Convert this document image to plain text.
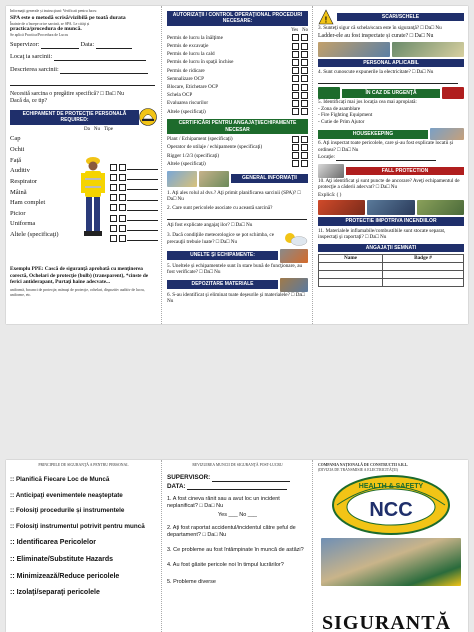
Informaţii generale și instrucţiuni: Verificati pentru lucru
SPA este o metodă scrisă/vizibilă pe toată durata
Înainte de a începe orice sarcină, se SPA. Le cităţi și
practica/procedura de muncă.
Se aplică Practica/Procedura de Lucru
Supervizor:	Data:
Locaţ ia sarcinii:
Descrierea sarcinii:
Necesită sarcina o pregătire specifică? □ Da□ Nu
Dacă da, ce tip?
ECHIPAMENT DE PROTECŢIE PERSONALĂ REQUIRED:
Da Nu Tipe
Cap
Ochii
Fațǎ
Auditiv
Respirator
Mâină
Ham complet
Picior
Uniforma
Altele (specificaţi)
Exemplu PPE: Cască de siguranţă aprobată cu menţinerea corectă, Ochelari de protecţie (bulb) (transparent), *cinste de ferici antiderapant, Purtaţi haine adecvate...
uniformă, bocanci de protecţie, mănuşi de protecţie, ochelari, dispozitiv auditiv de lucru, uniforme, etc.
AUTORIZAŢII / CONTROL OPERAŢIONAL PROCEDURI NECESARE:
Yes No
Permis de lucru la înălţime
Permis de excavaţie
Permis de lucru la cald
Permis de lucru în spaţii închise
Permis de ridicare
Semnalizare OCP
Blocare, Etichetare OCP
Schela OCP
Evaluarea riscurilor
Altele (specificaţi)
CERTIFICĂRI PENTRU ANGAJAŢI/ECHIPAMENTE NECESAR
Plant / Echipament (specificaţi)
Operator de utilaje / echipamente (specificaţi)
Rigger 1/2/3 (specificaţi)
Altele (specificaţi)
GENERAL INFORMAŢII
1. Aţi ales rolul al dvs.? Aţi primit planificarea sarcinii (SPA)? □ Da□ Nu
2. Care sunt pericolele asociate cu această sarcină?
Aţi fost explicate angajaţ ilor? □ Da□ Nu
3. Dacă condiţiile meteorologice se pot schimba, ce precauţii trebuie luate? □ Da□ Nu
UNELTE ŞI ECHIPAMENTE:
5. Uneltele și echipamentele sunt în stare bună de funcţionare, au fost verificate? □ Da□ Nu
DEPOZITARE MATERIALE
6. S-au identificat şi eliminat toate deşeurile şi materialele? □ Da□ Nu
!	SCARI/SCHELE
3. Sunteţi sigur că schela/scara este în siguranţă? □ Da□ Nu
Ladder-ele au fost inspectate și curate? □ Da□ Nu
PERSONAL APLICABIL
4. Sunt cunoscute expunerile la electricitate? □ Da□ Nu
ÎN CAZ DE URGENŢĂ
5. Identificați mai jos locația cea mai apropiată:
- Zona de asamblare
- Fire Fighting Equipment
- Cutie de Prim Ajutor
HOUSEKEEPING
6. Aţi inspectat toate pericolele, care şi-au fost explicate locatii și ordinea? □ Da□ Nu
Locaţie:
FALL PROTECTION
10. Aţi identificat şi sunt puncte de ancorare? Aveţi echipamentul de protecţie a căderii adecvat? □ Da□ Nu
Explică: ( )
PROTECTIE IMPOTRIVA INCENDIILOR
11. Materialele inflamabile/combustibile sunt stocate separat, inspectaţi şi raportaţi? □ Da□ Nu
ANGAJAŢII SEMNATI
Name	Badge #

PRINCIPIILE DE SIGURANŢĂ A PENTRU PERSONAL
:: Planifică Fiecare Loc de Muncă
:: Anticipaţi evenimentele neaşteptate
:: Folosiţi procedurile și instrumentele
:: Folosiţi instrumentul potrivit pentru muncă
:: Identificarea Pericolelor
:: Eliminate/Substitute Hazards
:: Minimizează/Reduce pericolele
:: Izolaţi/separaţi pericolele
REVIZUIREA MUNCII DE SIGURANŢĂ POST-LUCRU
SUPERVISOR:
DATA:
1. A fost cineva rănit sau a avut loc un incident neplanificat? □ Da□ Nu
Yes ___ No ___
2. Aţi fost raportat accidentul/incidentul către șeful de departament? □ Da□ Nu
3. Ce probleme au fost întâmpinate în muncă de astăzi?
4. Au fost găsite pericole noi în timpul lucrărilor?
5. Probleme diverse
COMPANIA NAȚIONALĂ DE CONSTRUCTII S.R.L.
(DIVIZIA DE TRANSMISIE A ELECTRICITĂŢII)
HEALTH & SAFETY
NCC
SIGURANTĂ
